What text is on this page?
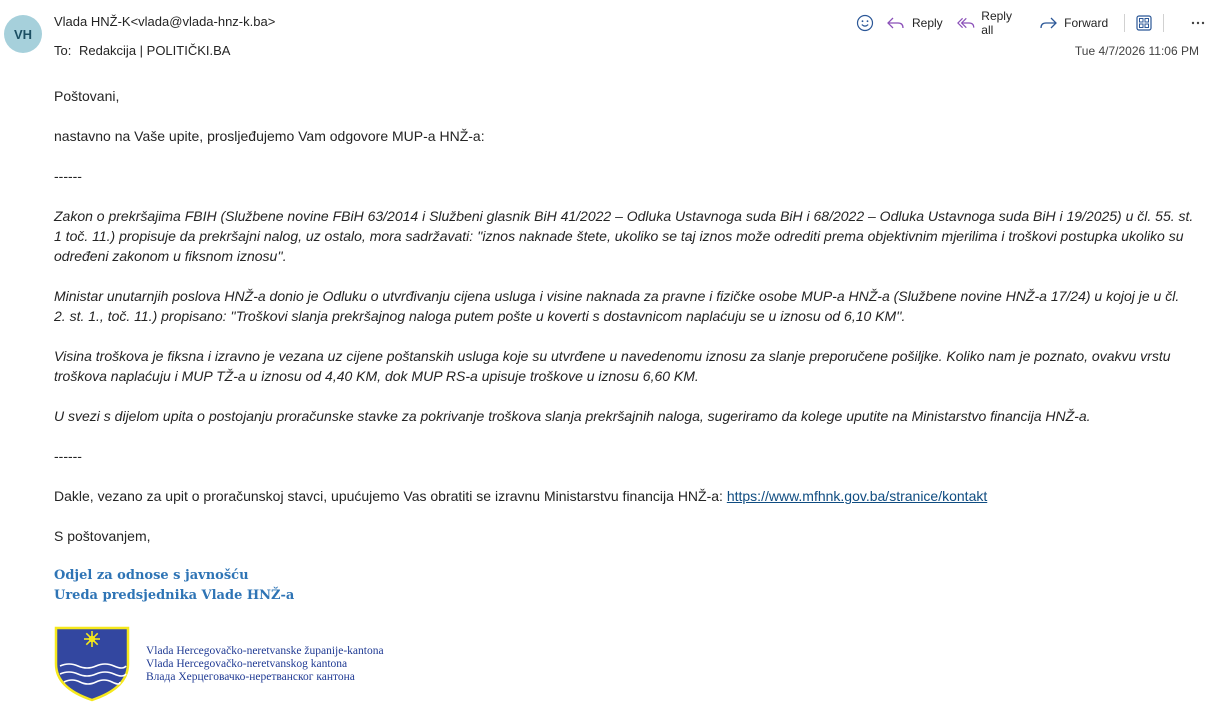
VH
Vlada HNŽ-K<vlada@vlada-hnz-k.ba>
To: Redakcija | POLITIČKI.BA	Tue 4/7/2026 11:06 PM
Reply	Reply all	Forward

Poštovani,

nastavno na Vaše upite, prosljeđujemo Vam odgovore MUP-a HNŽ-a:

------

Zakon o prekršajima FBIH (Službene novine FBiH 63/2014 i Službeni glasnik BiH 41/2022 – Odluka Ustavnoga suda BiH i 68/2022 – Odluka Ustavnoga suda BiH i 19/2025) u čl. 55. st. 1 toč. 11.) propisuje da prekršajni nalog, uz ostalo, mora sadržavati: ''iznos naknade štete, ukoliko se taj iznos može odrediti prema objektivnim mjerilima i troškovi postupka ukoliko su određeni zakonom u fiksnom iznosu''.

Ministar unutarnjih poslova HNŽ-a donio je Odluku o utvrđivanju cijena usluga i visine naknada za pravne i fizičke osobe MUP-a HNŽ-a (Službene novine HNŽ-a 17/24) u kojoj je u čl. 2. st. 1., toč. 11.) propisano: ''Troškovi slanja prekršajnog naloga putem pošte u koverti s dostavnicom naplaćuju se u iznosu od 6,10 KM''.

Visina troškova je fiksna i izravno je vezana uz cijene poštanskih usluga koje su utvrđene u navedenomu iznosu za slanje preporučene pošiljke. Koliko nam je poznato, ovakvu vrstu troškova naplaćuju i MUP TŽ-a u iznosu od 4,40 KM, dok MUP RS-a upisuje troškove u iznosu 6,60 KM.

U svezi s dijelom upita o postojanju proračunske stavke za pokrivanje troškova slanja prekršajnih naloga, sugeriramo da kolege uputite na Ministarstvo financija HNŽ-a.

------

Dakle, vezano za upit o proračunskoj stavci, upućujemo Vas obratiti se izravnu Ministarstvu financija HNŽ-a: https://www.mfhnk.gov.ba/stranice/kontakt

S poštovanjem,

Odjel za odnose s javnošću
Ureda predsjednika Vlade HNŽ-a
Vlada Hercegovačko-neretvanske županije-kantona
Vlada Hercegovačko-neretvanskog kantona
Влада Херцеговачко-неретванског кантона
